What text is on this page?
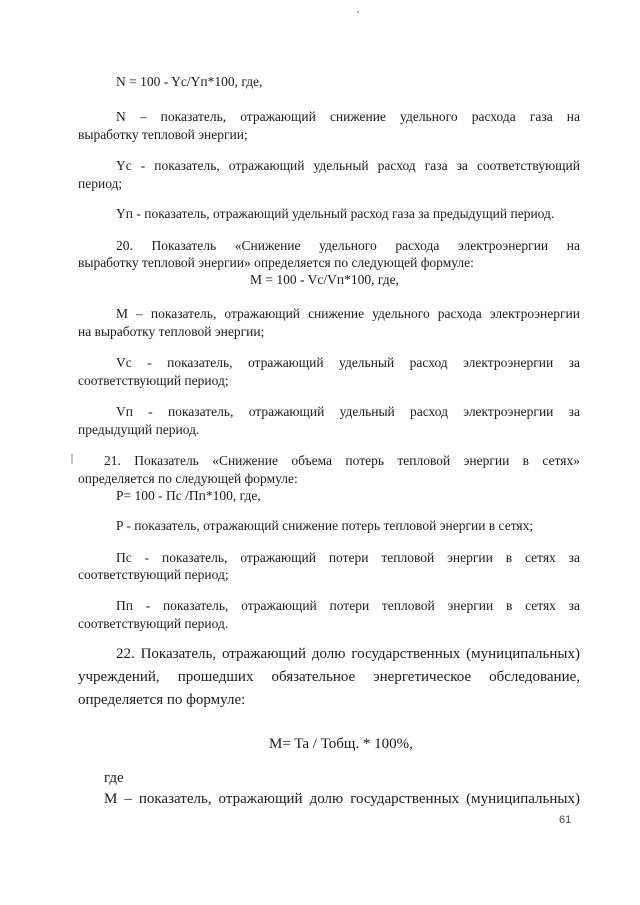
N = 100 - Yс/Yп*100, где,
N – показатель, отражающий снижение удельного расхода газа на
выработку тепловой энергии;
Yс - показатель, отражающий удельный расход газа за соответствующий
период;
Yп - показатель, отражающий удельный расход газа за предыдущий период.
20. Показатель «Снижение удельного расхода электроэнергии на
выработку тепловой энергии» определяется по следующей формуле:
M = 100 - Vс/Vп*100, где,
M – показатель, отражающий снижение удельного расхода электроэнергии
на выработку тепловой энергии;
Vс - показатель, отражающий удельный расход электроэнергии за
соответствующий период;
Vп - показатель, отражающий удельный расход электроэнергии за
предыдущий период.
21. Показатель «Снижение объема потерь тепловой энергии в сетях»
определяется по следующей формуле:
P= 100 - Пс /Пп*100, где,
P - показатель, отражающий снижение потерь тепловой энергии в сетях;
Пс - показатель, отражающий потери тепловой энергии в сетях за
соответствующий период;
Пп - показатель, отражающий потери тепловой энергии в сетях за
соответствующий период.
22. Показатель, отражающий долю государственных (муниципальных)
учреждений, прошедших обязательное энергетическое обследование,
определяется по формуле:
M= Ta / Тобщ. * 100%,
где
M – показатель, отражающий долю государственных (муниципальных)
61
